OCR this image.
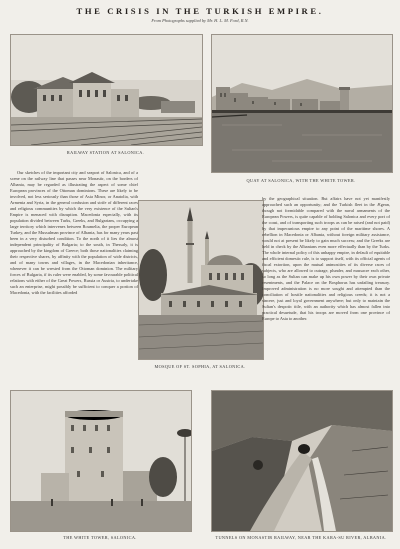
THE CRISIS IN THE TURKISH EMPIRE.
From Photographs supplied by Mr. H. L. M. Ford, R.N.
RAILWAY STATION AT SALONICA.
QUAY AT SALONICA, WITH THE WHITE TOWER.

Our sketches of the important city and seaport of Salonica, and of a scene on the railway line that passes near Monastir, on the borders of Albania, may be regarded as illustrating the aspect of some chief European provinces of the Ottoman dominions. These are likely to be involved, not less seriously than those of Asia Minor, or Anatolia, with Armenia and Syria, in the general confusion and strife of different races and religious communities by which the very existence of the Sultan's Empire is menaced with disruption. Macedonia especially, with its population divided between Turks, Greeks, and Bulgarians, occupying a large territory which intervenes between Roumelia, the proper European Turkey, and the Mussulman province of Albania, has for many years past been in a very disturbed condition. To the north of it lies the almost independent principality of Bulgaria; to the south, in Thessaly, it is approached by the kingdom of Greece; both those nationalities claiming their respective shares, by affinity with the population of wide districts, and of many towns and villages, in the Macedonian inheritance, whenever it can be wrested from the Ottoman dominion. The military forces of Bulgaria, if its ruler were enabled, by some favourable political relations with either of the Great Powers, Russia or Austria, to undertake such an enterprise, might possibly be sufficient to conquer a portion of Macedonia, with the facilities afforded

MOSQUE OF ST. SOPHIA, AT SALONICA.

by the geographical situation. But affairs have not yet manifestly approached such an opportunity; and the Turkish fleet in the Ægean, though not formidable compared with the naval armaments of the European Powers, is quite capable of holding Salonica and every port of the coast, and of transporting such troops as can be raised (and not paid) by that impecunious empire to any point of the maritime shores. A rebellion in Macedonia or Albania, without foreign military assistance, would not at present be likely to gain much success; and the Greeks are held in check by the Albanians even more effectually than by the Turks. The whole internal policy of this unhappy empire, in default of equitable and efficient domestic rule, is to support itself, with its official agents of fiscal extortion, upon the mutual animosities of its diverse races of subjects, who are allowed to outrage, plunder, and massacre each other, so long as the Sultan can make up his own power by their own private resentments, and the Palace on the Bosphorus has unfailing treasury. Improved administration is no more sought and attempted than the conciliation of hostile nationalities and religious creeds; it is not a sincere, just and loyal government anywhere; but only to maintain the Sultan's despotic title, with an authority which has almost fallen into practical desuetude, that his troops are moved from one province of Europe to Asia to another.

THE WHITE TOWER, SALONICA.	TUNNELS ON MONASTIR RAILWAY, NEAR THE KARA-SU RIVER, ALBANIA.
